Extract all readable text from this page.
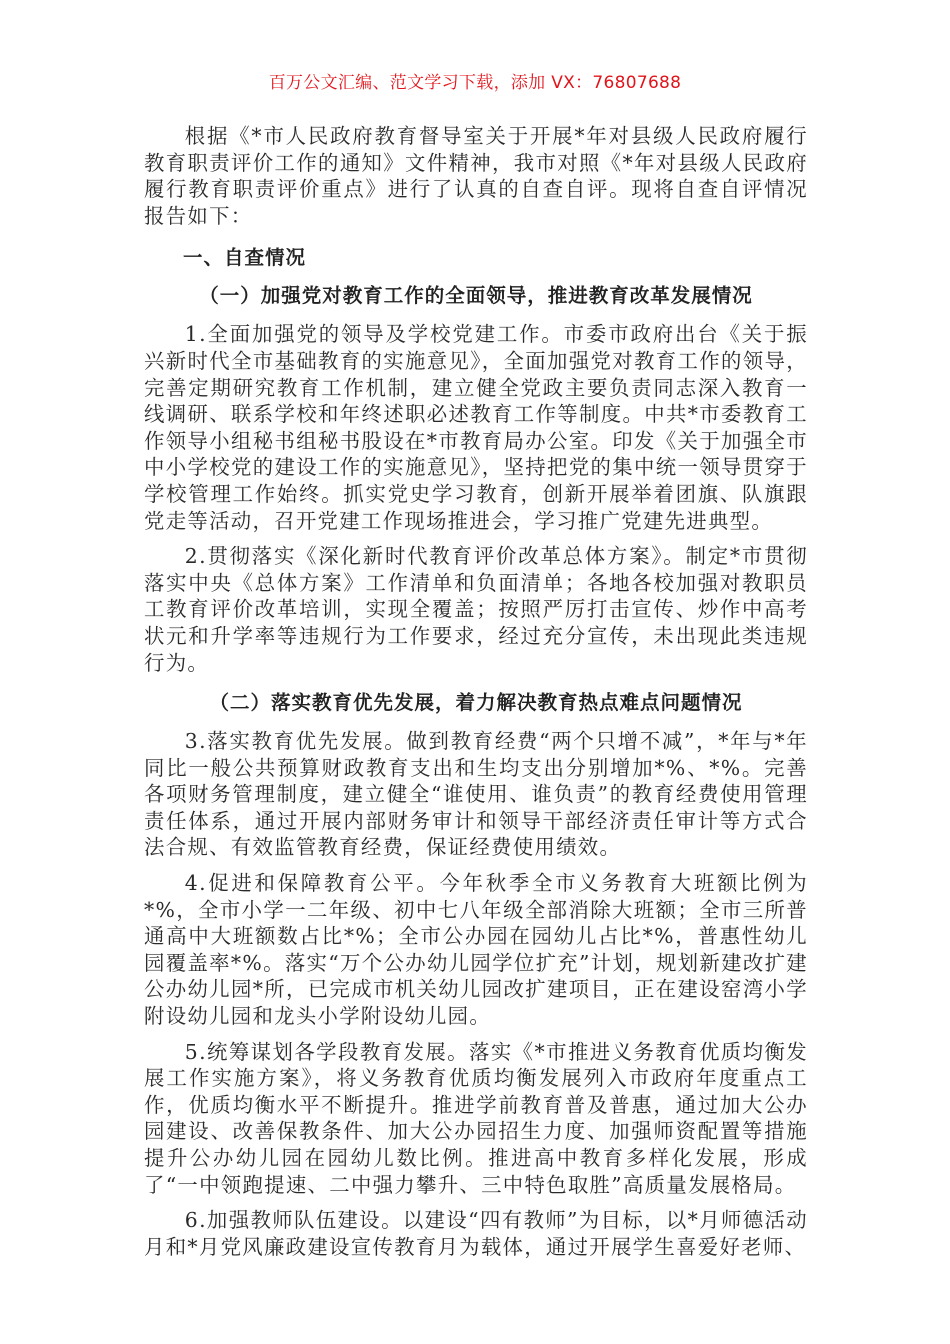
百万公文汇编、范文学习下载，添加 VX：76807688

根据《*市人民政府教育督导室关于开展*年对县级人民政府履行教育职责评价工作的通知》文件精神，我市对照《*年对县级人民政府履行教育职责评价重点》进行了认真的自查自评。现将自查自评情况报告如下：

一、自查情况
（一）加强党对教育工作的全面领导，推进教育改革发展情况

1.全面加强党的领导及学校党建工作。市委市政府出台《关于振兴新时代全市基础教育的实施意见》，全面加强党对教育工作的领导，完善定期研究教育工作机制，建立健全党政主要负责同志深入教育一线调研、联系学校和年终述职必述教育工作等制度。中共*市委教育工作领导小组秘书组秘书股设在*市教育局办公室。印发《关于加强全市中小学校党的建设工作的实施意见》，坚持把党的集中统一领导贯穿于学校管理工作始终。抓实党史学习教育，创新开展举着团旗、队旗跟党走等活动，召开党建工作现场推进会，学习推广党建先进典型。

2.贯彻落实《深化新时代教育评价改革总体方案》。制定*市贯彻落实中央《总体方案》工作清单和负面清单；各地各校加强对教职员工教育评价改革培训，实现全覆盖；按照严厉打击宣传、炒作中高考状元和升学率等违规行为工作要求，经过充分宣传，未出现此类违规行为。

（二）落实教育优先发展，着力解决教育热点难点问题情况

3.落实教育优先发展。做到教育经费“两个只增不减”，*年与*年同比一般公共预算财政教育支出和生均支出分别增加*%、*%。完善各项财务管理制度，建立健全“谁使用、谁负责”的教育经费使用管理责任体系，通过开展内部财务审计和领导干部经济责任审计等方式合法合规、有效监管教育经费，保证经费使用绩效。

4.促进和保障教育公平。今年秋季全市义务教育大班额比例为*%，全市小学一二年级、初中七八年级全部消除大班额；全市三所普通高中大班额数占比*%；全市公办园在园幼儿占比*%，普惠性幼儿园覆盖率*%。落实“万个公办幼儿园学位扩充”计划，规划新建改扩建公办幼儿园*所，已完成市机关幼儿园改扩建项目，正在建设窑湾小学附设幼儿园和龙头小学附设幼儿园。

5.统筹谋划各学段教育发展。落实《*市推进义务教育优质均衡发展工作实施方案》，将义务教育优质均衡发展列入市政府年度重点工作，优质均衡水平不断提升。推进学前教育普及普惠，通过加大公办园建设、改善保教条件、加大公办园招生力度、加强师资配置等措施提升公办幼儿园在园幼儿数比例。推进高中教育多样化发展，形成了“一中领跑提速、二中强力攀升、三中特色取胜”高质量发展格局。

6.加强教师队伍建设。以建设“四有教师”为目标，以*月师德活动月和*月党风廉政建设宣传教育月为载体，通过开展学生喜爱好老师、
